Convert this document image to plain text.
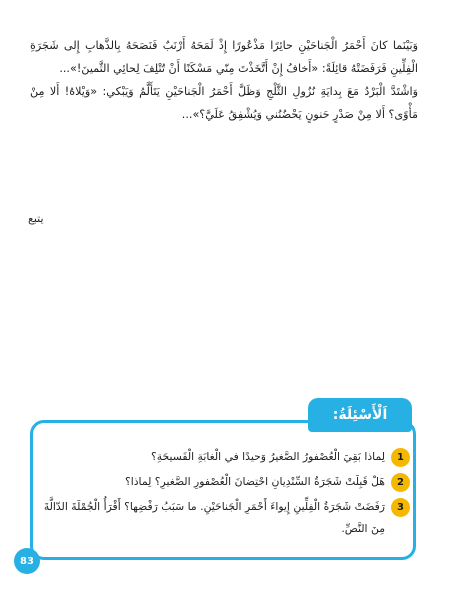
وَبَيْنَما كانَ أَحْمَرُ الْجَناحَيْنِ حائِرًا مَذْعُورًا إِذْ لَمَحَهُ أَرْنَبٌ فَنَصَحَهُ بِالذَّهابِ إِلى شَجَرَةِ الْفِلِّينِ فَرَفَضَتْهُ قائِلَةً: «أَخافُ إِنْ أَتَّخَذْتَ مِنّي مَسْكَنًا أَنْ تُتْلِفَ لِحائِي الثَّمينَ!»...

وَاشْتَدَّ الْبَرْدُ مَعَ بِدايَةِ نُزُولِ الثَّلْجِ وَظَلَّ أَحْمَرُ الْجَناحَيْنِ يَتَأَلَّمُ وَيَبْكي: «وَيْلاهُ! أَلا مِنْ مَأْوًى؟ أَلا مِنْ صَدْرٍ حَنونٍ يَحْضُنُني وَيُشْفِقُ عَلَيَّ؟»...

يتبع
اَلْأَسْئِلَةُ:
1
لِماذا بَقِيَ الْعُصْفورُ الصَّغيرُ وَحيدًا في الْغابَةِ الْفَسيحَةِ؟
2
هَلْ قَبِلَتْ شَجَرَةُ السِّنْدِيانِ احْتِضانَ الْعُصْفورِ الصَّغيرِ؟ لِماذا؟
3
رَفَضَتْ شَجَرَةُ الْفِلِّينِ إِيواءَ أَحْمَرِ الْجَناحَيْنِ. ما سَبَبُ رَفْضِها؟ أَقْرَأُ الْجُمْلَةَ الدّالَّةَ مِنَ النَّصِّ.
83
